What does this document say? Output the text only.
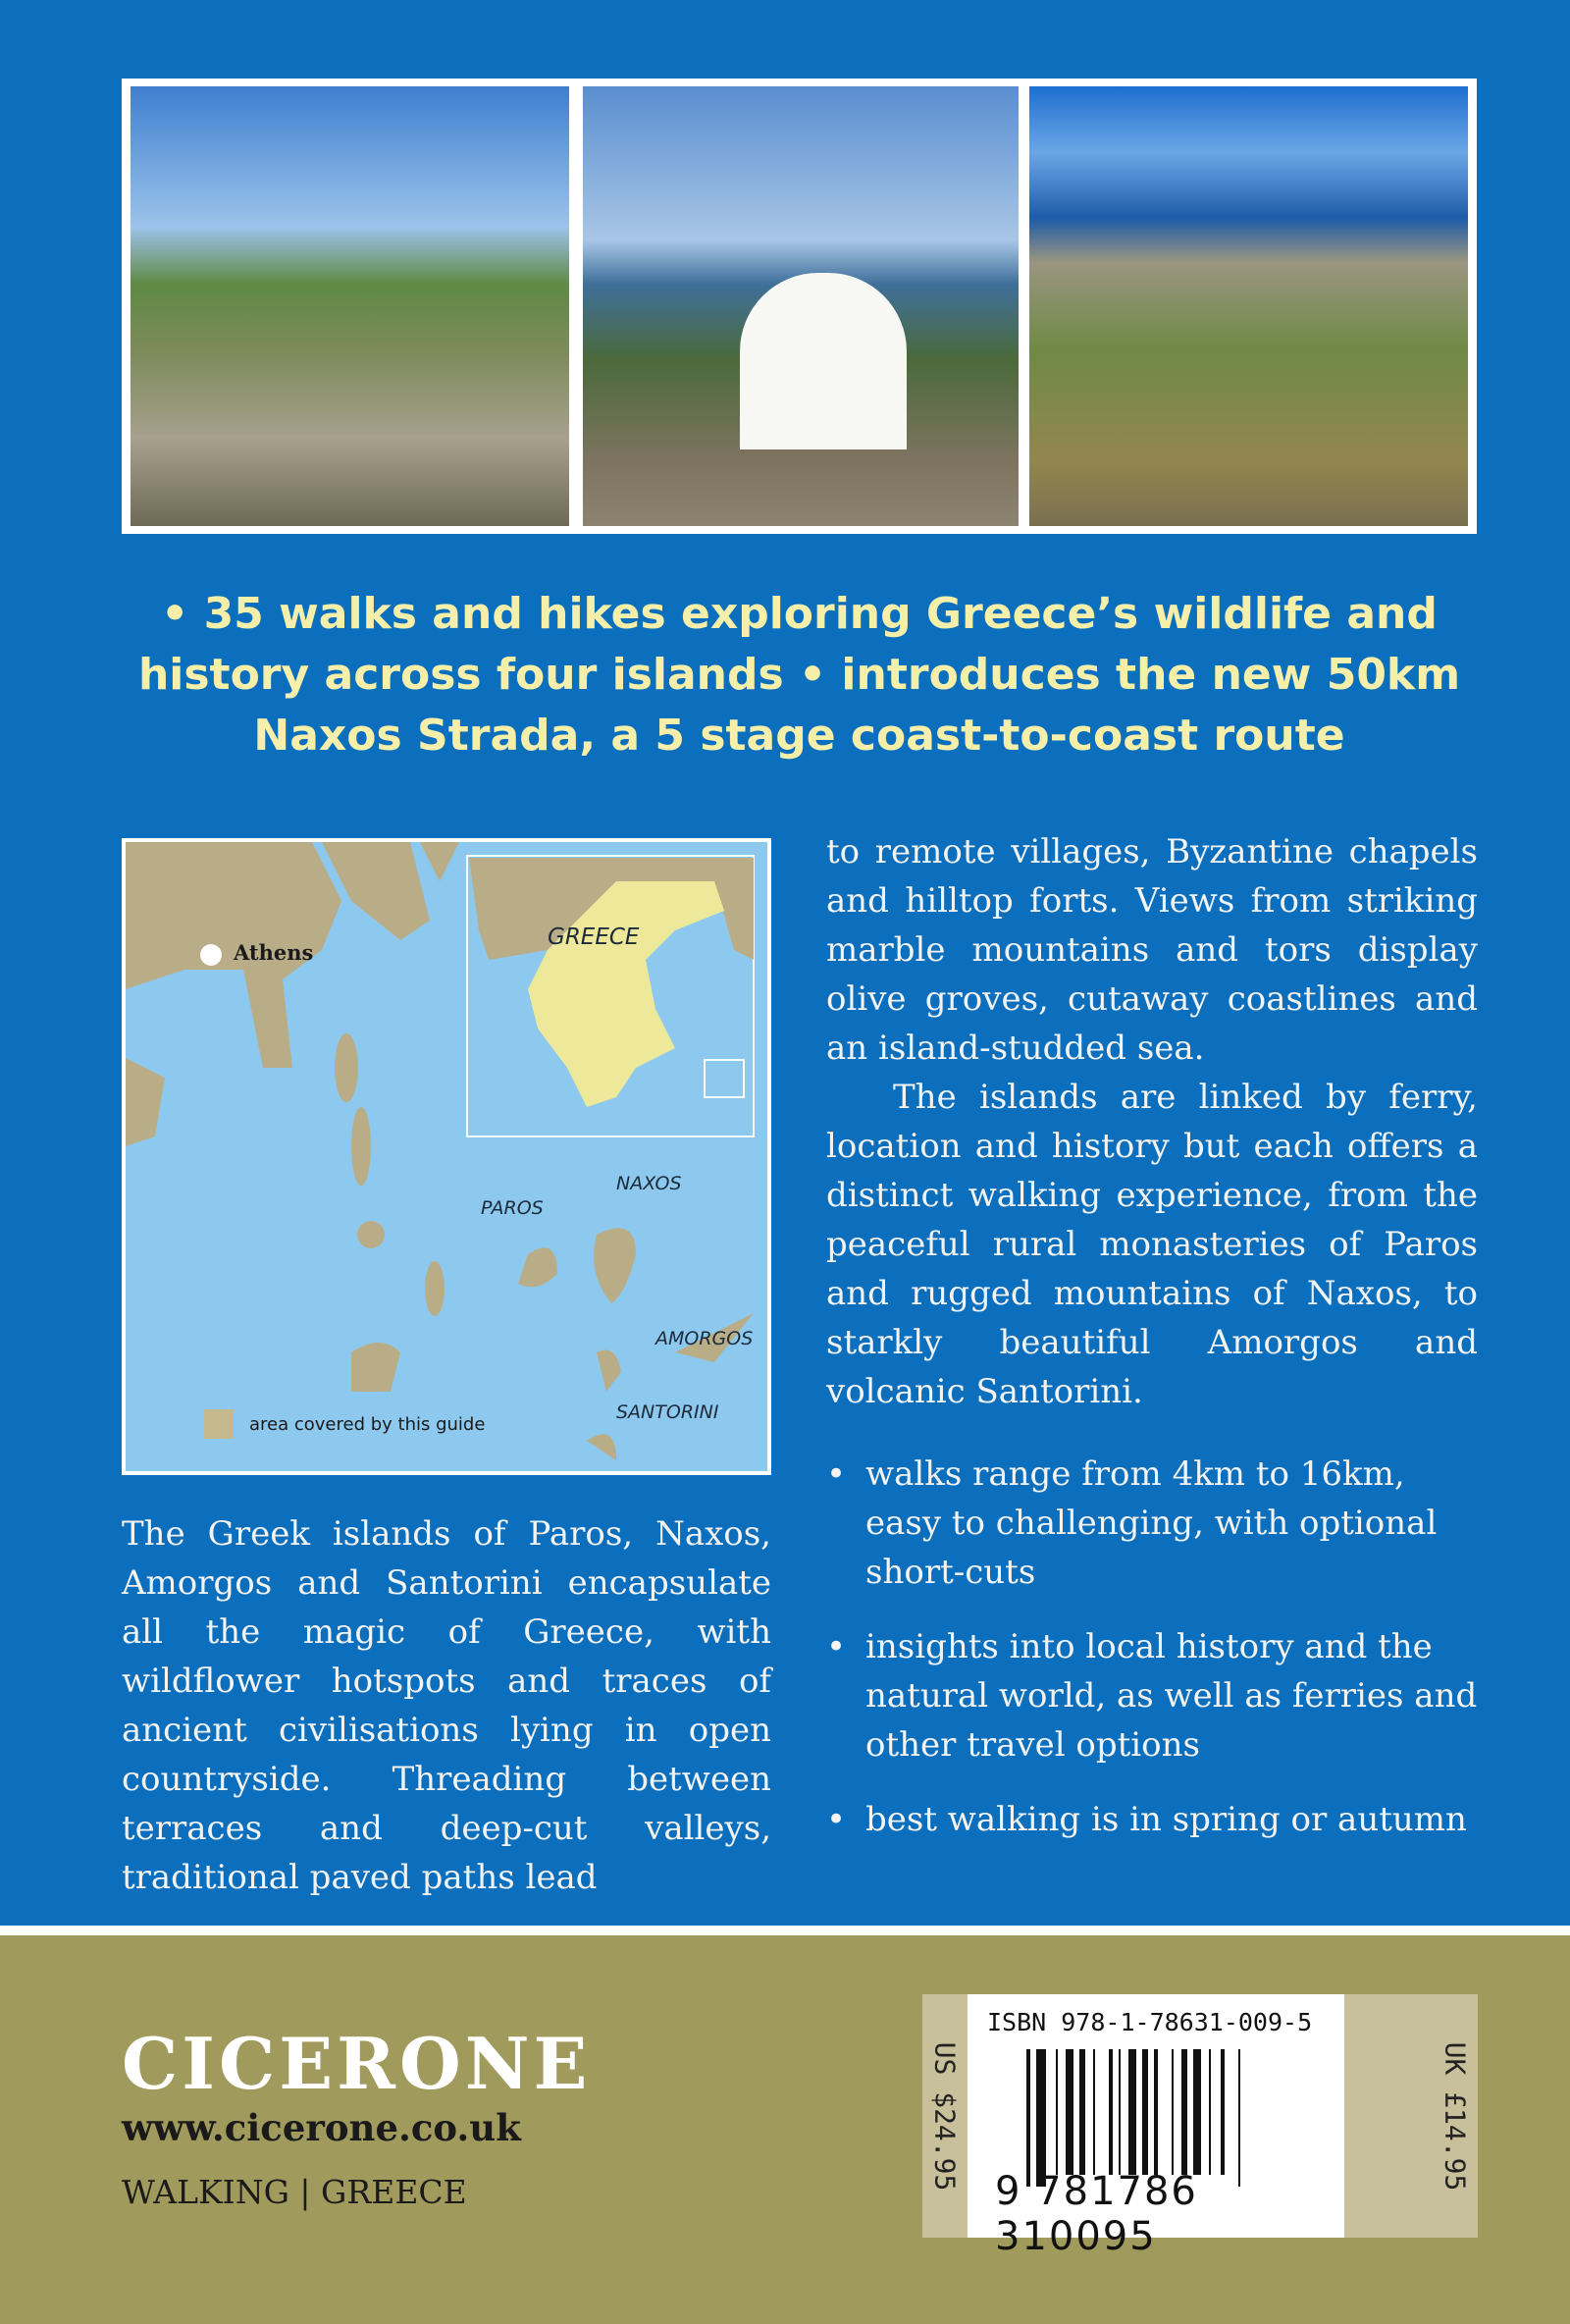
• 35 walks and hikes exploring Greece’s wildlife and
history across four islands • introduces the new 50km
Naxos Strada, a 5 stage coast-to-coast route
Athens
GREECE
PAROS
NAXOS
AMORGOS
SANTORINI
area covered by this guide
The Greek islands of Paros, Naxos, Amorgos and Santorini encapsulate all the magic of Greece, with wildflower hotspots and traces of ancient civilisations lying in open countryside. Threading between terraces and deep-cut valleys, traditional paved paths lead

to remote villages, Byzantine chapels and hilltop forts. Views from striking marble mountains and tors display olive groves, cutaway coastlines and an island-studded sea.

The islands are linked by ferry, location and history but each offers a distinct walking experience, from the peaceful rural monasteries of Paros and rugged mountains of Naxos, to starkly beautiful Amorgos and volcanic Santorini.

• walks range from 4km to 16km, easy to challenging, with optional short-cuts
• insights into local history and the natural world, as well as ferries and other travel options
• best walking is in spring or autumn
CICERONE
www.cicerone.co.uk
WALKING | GREECE
US $24.95
ISBN 978-1-78631-009-5
9 781786 310095
UK £14.95
